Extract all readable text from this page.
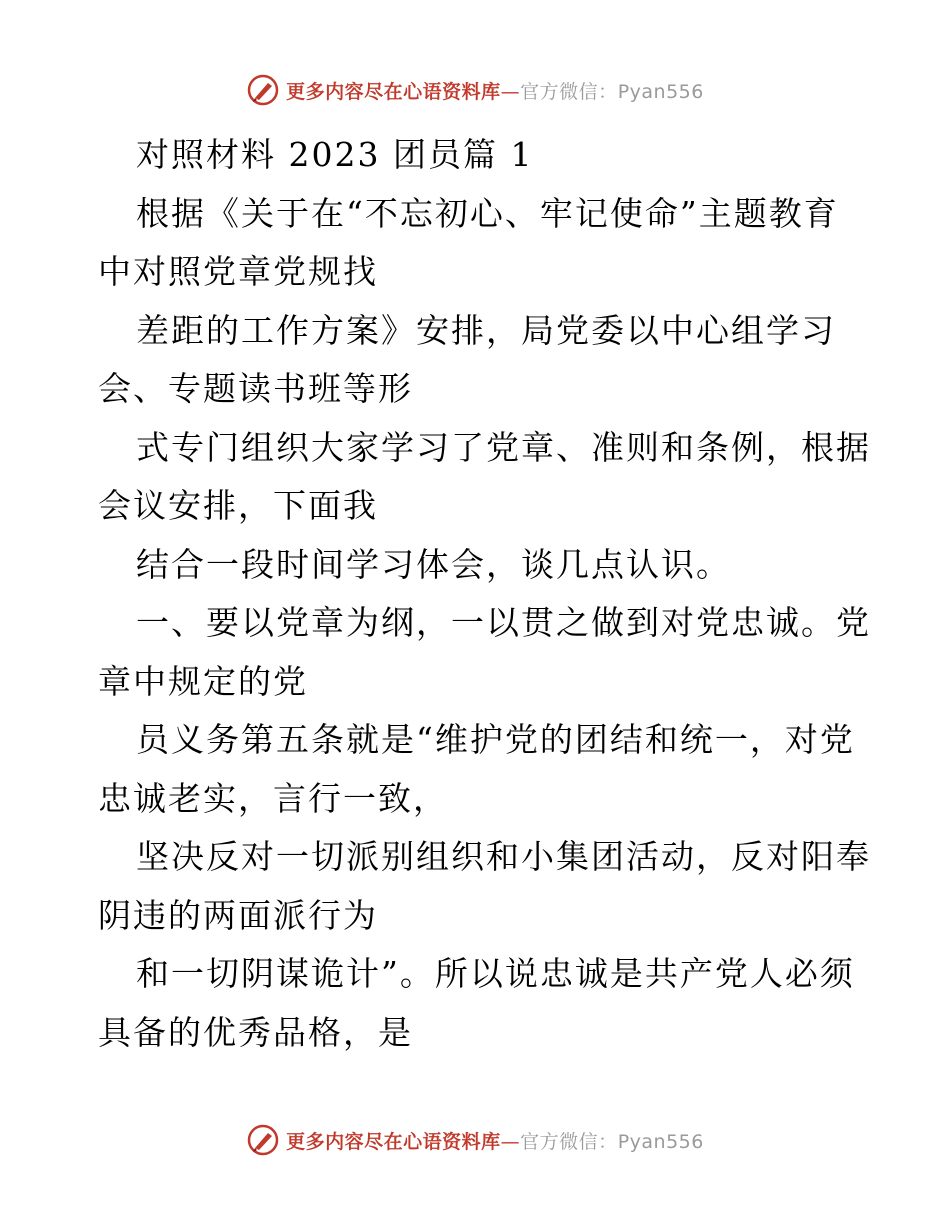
更多内容尽在心语资料库—官方微信：Pyan556
对照材料 2023 团员篇 1
根据《关于在“不忘初心、牢记使命”主题教育
中对照党章党规找
差距的工作方案》安排，局党委以中心组学习
会、专题读书班等形
式专门组织大家学习了党章、准则和条例，根据
会议安排，下面我
结合一段时间学习体会，谈几点认识。
一、要以党章为纲，一以贯之做到对党忠诚。党
章中规定的党
员义务第五条就是“维护党的团结和统一，对党
忠诚老实，言行一致，
坚决反对一切派别组织和小集团活动，反对阳奉
阴违的两面派行为
和一切阴谋诡计”。所以说忠诚是共产党人必须
具备的优秀品格，是
更多内容尽在心语资料库—官方微信：Pyan556
